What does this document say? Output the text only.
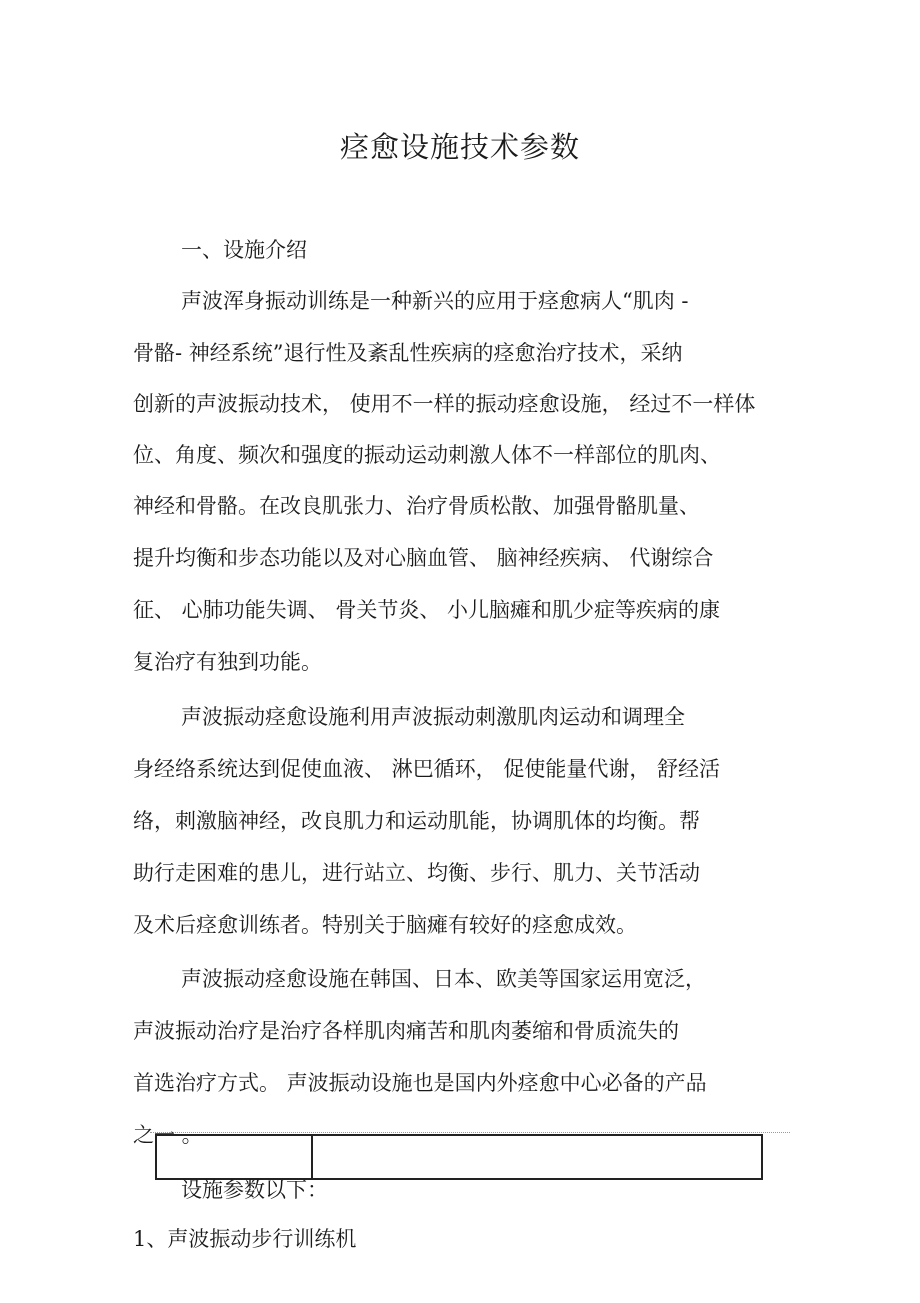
痉愈设施技术参数
一、设施介绍
声波浑身振动训练是一种新兴的应用于痉愈病人“肌肉 -
骨骼- 神经系统”退行性及紊乱性疾病的痉愈治疗技术，采纳
创新的声波振动技术， 使用不一样的振动痉愈设施， 经过不一样体
位、角度、频次和强度的振动运动刺激人体不一样部位的肌肉、
神经和骨骼。在改良肌张力、治疗骨质松散、加强骨骼肌量、
提升均衡和步态功能以及对心脑血管、 脑神经疾病、 代谢综合
征、 心肺功能失调、 骨关节炎、 小儿脑瘫和肌少症等疾病的康
复治疗有独到功能。
声波振动痉愈设施利用声波振动刺激肌肉运动和调理全
身经络系统达到促使血液、 淋巴循环， 促使能量代谢， 舒经活
络，刺激脑神经，改良肌力和运动肌能，协调肌体的均衡。帮
助行走困难的患儿，进行站立、均衡、步行、肌力、关节活动
及术后痉愈训练者。特别关于脑瘫有较好的痉愈成效。
声波振动痉愈设施在韩国、日本、欧美等国家运用宽泛，
声波振动治疗是治疗各样肌肉痛苦和肌肉萎缩和骨质流失的
首选治疗方式。 声波振动设施也是国内外痉愈中心必备的产品
之一 。
设施参数以下：
1、声波振动步行训练机
